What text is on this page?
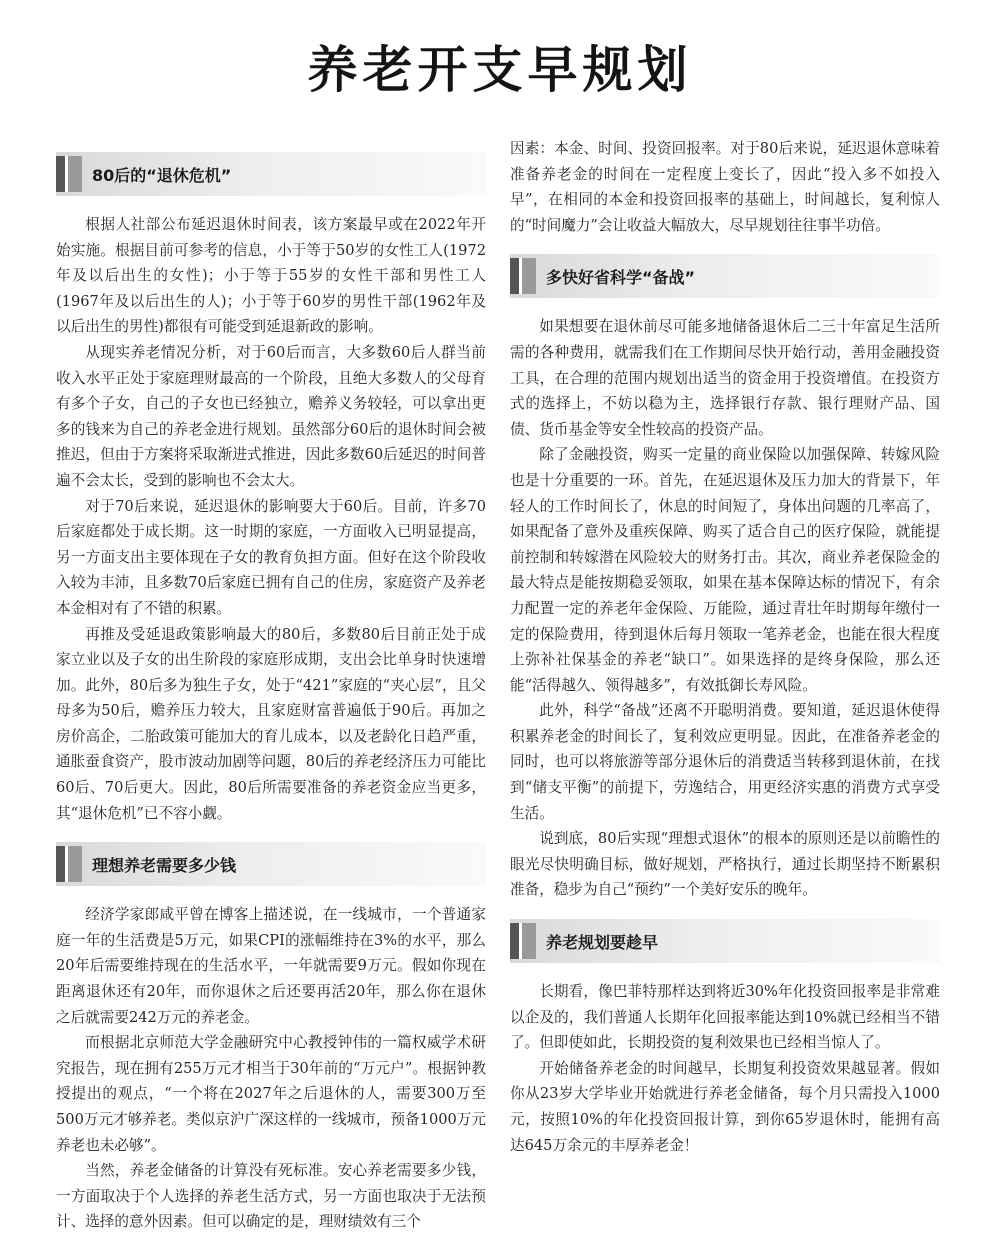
养老开支早规划
80后的“退休危机”

根据人社部公布延迟退休时间表，该方案最早或在2022年开始实施。根据目前可参考的信息，小于等于50岁的女性工人(1972年及以后出生的女性)；小于等于55岁的女性干部和男性工人(1967年及以后出生的人)；小于等于60岁的男性干部(1962年及以后出生的男性)都很有可能受到延退新政的影响。

从现实养老情况分析，对于60后而言，大多数60后人群当前收入水平正处于家庭理财最高的一个阶段，且绝大多数人的父母育有多个子女，自己的子女也已经独立，赡养义务较轻，可以拿出更多的钱来为自己的养老金进行规划。虽然部分60后的退休时间会被推迟，但由于方案将采取渐进式推进，因此多数60后延迟的时间普遍不会太长，受到的影响也不会太大。

对于70后来说，延迟退休的影响要大于60后。目前，许多70后家庭都处于成长期。这一时期的家庭，一方面收入已明显提高，另一方面支出主要体现在子女的教育负担方面。但好在这个阶段收入较为丰沛，且多数70后家庭已拥有自己的住房，家庭资产及养老本金相对有了不错的积累。

再推及受延退政策影响最大的80后，多数80后目前正处于成家立业以及子女的出生阶段的家庭形成期，支出会比单身时快速增加。此外，80后多为独生子女，处于“421”家庭的“夹心层”，且父母多为50后，赡养压力较大，且家庭财富普遍低于90后。再加之房价高企，二胎政策可能加大的育儿成本，以及老龄化日趋严重，通胀蚕食资产，股市波动加剧等问题，80后的养老经济压力可能比60后、70后更大。因此，80后所需要准备的养老资金应当更多，其“退休危机”已不容小觑。

理想养老需要多少钱

经济学家郎咸平曾在博客上描述说，在一线城市，一个普通家庭一年的生活费是5万元，如果CPI的涨幅维持在3%的水平，那么20年后需要维持现在的生活水平，一年就需要9万元。假如你现在距离退休还有20年，而你退休之后还要再活20年，那么你在退休之后就需要242万元的养老金。

而根据北京师范大学金融研究中心教授钟伟的一篇权威学术研究报告，现在拥有255万元才相当于30年前的“万元户”。根据钟教授提出的观点，“一个将在2027年之后退休的人，需要300万至500万元才够养老。类似京沪广深这样的一线城市，预备1000万元养老也未必够”。

当然，养老金储备的计算没有死标准。安心养老需要多少钱，一方面取决于个人选择的养老生活方式，另一方面也取决于无法预计、选择的意外因素。但可以确定的是，理财绩效有三个

因素：本金、时间、投资回报率。对于80后来说，延迟退休意味着准备养老金的时间在一定程度上变长了，因此“投入多不如投入早”，在相同的本金和投资回报率的基础上，时间越长，复利惊人的“时间魔力”会让收益大幅放大，尽早规划往往事半功倍。

多快好省科学“备战”

如果想要在退休前尽可能多地储备退休后二三十年富足生活所需的各种费用，就需我们在工作期间尽快开始行动，善用金融投资工具，在合理的范围内规划出适当的资金用于投资增值。在投资方式的选择上，不妨以稳为主，选择银行存款、银行理财产品、国债、货币基金等安全性较高的投资产品。

除了金融投资，购买一定量的商业保险以加强保障、转嫁风险也是十分重要的一环。首先，在延迟退休及压力加大的背景下，年轻人的工作时间长了，休息的时间短了，身体出问题的几率高了，如果配备了意外及重疾保障、购买了适合自己的医疗保险，就能提前控制和转嫁潜在风险较大的财务打击。其次，商业养老保险金的最大特点是能按期稳妥领取，如果在基本保障达标的情况下，有余力配置一定的养老年金保险、万能险，通过青壮年时期每年缴付一定的保险费用，待到退休后每月领取一笔养老金，也能在很大程度上弥补社保基金的养老“缺口”。如果选择的是终身保险，那么还能“活得越久、领得越多”，有效抵御长寿风险。

此外，科学“备战”还离不开聪明消费。要知道，延迟退休使得积累养老金的时间长了，复利效应更明显。因此，在准备养老金的同时，也可以将旅游等部分退休后的消费适当转移到退休前，在找到“储支平衡”的前提下，劳逸结合，用更经济实惠的消费方式享受生活。

说到底，80后实现“理想式退休”的根本的原则还是以前瞻性的眼光尽快明确目标，做好规划，严格执行，通过长期坚持不断累积准备，稳步为自己“预约”一个美好安乐的晚年。

养老规划要趁早

长期看，像巴菲特那样达到将近30%年化投资回报率是非常难以企及的，我们普通人长期年化回报率能达到10%就已经相当不错了。但即使如此，长期投资的复利效果也已经相当惊人了。

开始储备养老金的时间越早，长期复利投资效果越显著。假如你从23岁大学毕业开始就进行养老金储备，每个月只需投入1000元，按照10%的年化投资回报计算，到你65岁退休时，能拥有高达645万余元的丰厚养老金！
